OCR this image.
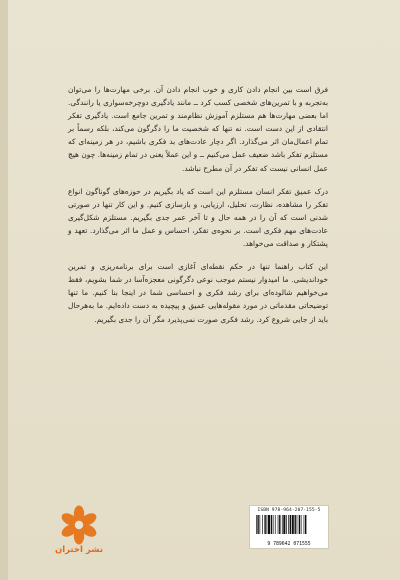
فرق است بین انجام دادن کاری و خوب انجام دادن آن. برخی مهارت‌ها را می‌توان به‌تجربه و با تمرین‌های شخصی کسب کرد ــ مانند یادگیری دوچرخه‌سواری یا رانندگی. اما بعضی مهارت‌ها هم مستلزم آموزش نظام‌مند و تمرین جامع است. یادگیری تفکر انتقادی از این دست است. نه تنها که شخصیت ما را دگرگون می‌کند، بلکه رسماً بر تمام اعمال‌مان اثر می‌گذارد. اگر دچار عادت‌های بد فکری باشیم، در هر زمینه‌ای که مستلزم تفکر باشد ضعیف عمل می‌کنیم ــ و این عملاً یعنی در تمام زمینه‌ها. چون هیچ عمل انسانی نیست که تفکر در آن مطرح نباشد.

درک عمیق تفکر انسان مستلزم این است که یاد بگیریم در حوزه‌های گوناگون انواع تفکر را مشاهده، نظارت، تحلیل، ارزیابی، و بازسازی کنیم. و این کار تنها در صورتی شدنی است که آن را در همه حال و تا آخر عمر جدی بگیریم. مستلزم شکل‌گیری عادت‌های مهم فکری است. بر نحوه‌ی تفکر، احساس و عمل ما اثر می‌گذارد. تعهد و پشتکار و صداقت می‌خواهد.

این کتاب راهنما تنها در حکم نقطه‌ای آغازی است برای برنامه‌ریزی و تمرین خوداندیشی. ما امیدوار نیستم موجب نوعی دگرگونی معجزه‌آسا در شما بشویم، فقط می‌خواهیم شالوده‌ای برای رشد فکری و احساسی شما در اینجا بنا کنیم. ما تنها توضیحاتی مقدماتی در مورد مقوله‌هایی عمیق و پیچیده به دست داده‌ایم. ما به‌هرحال باید از جایی شروع کرد. رشد فکری صورت نمی‌پذیرد مگر آن را جدی بگیریم.

نشر اختران
ISBN 978-964-207-155-5
9 789642 071555
